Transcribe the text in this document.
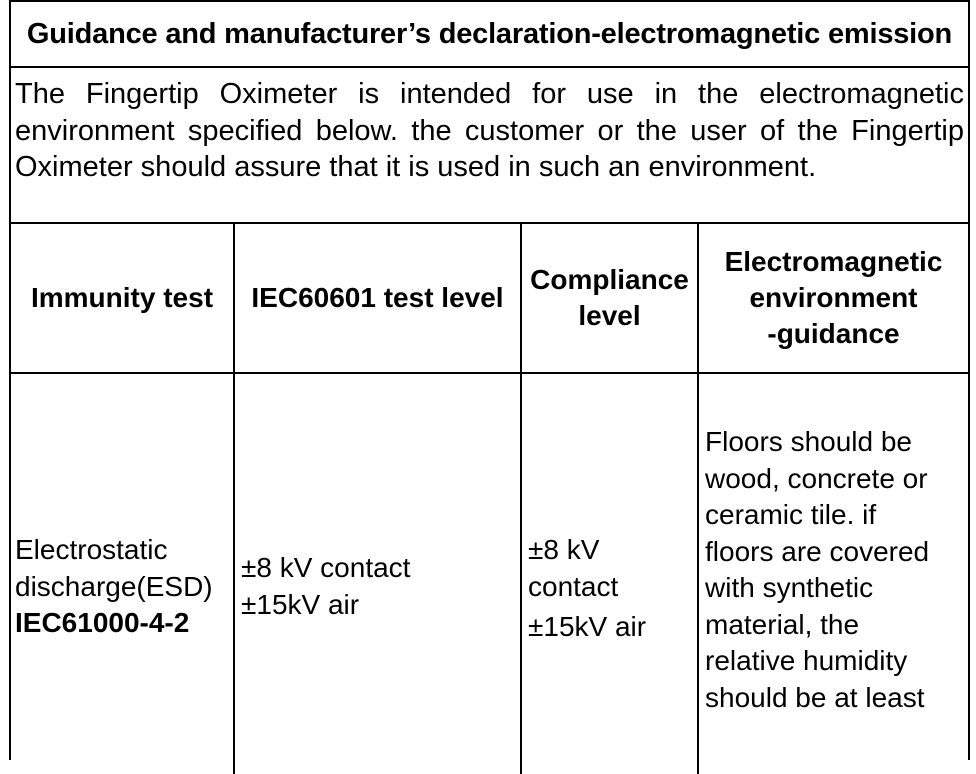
Guidance and manufacturer’s declaration-electromagnetic emission

The Fingertip Oximeter is intended for use in the electromagnetic environment specified below. the customer or the user of the Fingertip Oximeter should assure that it is used in such an environment.

Immunity test IEC60601 test level
Compliance
level
Electromagnetic
environment
-guidance
Electrostatic
discharge(ESD)
IEC61000-4-2
±8 kV contact
±15kV air
±8 kV
contact
±15kV air
Floors should be
wood, concrete or
ceramic tile. if
floors are covered
with synthetic
material, the
relative humidity
should be at least
